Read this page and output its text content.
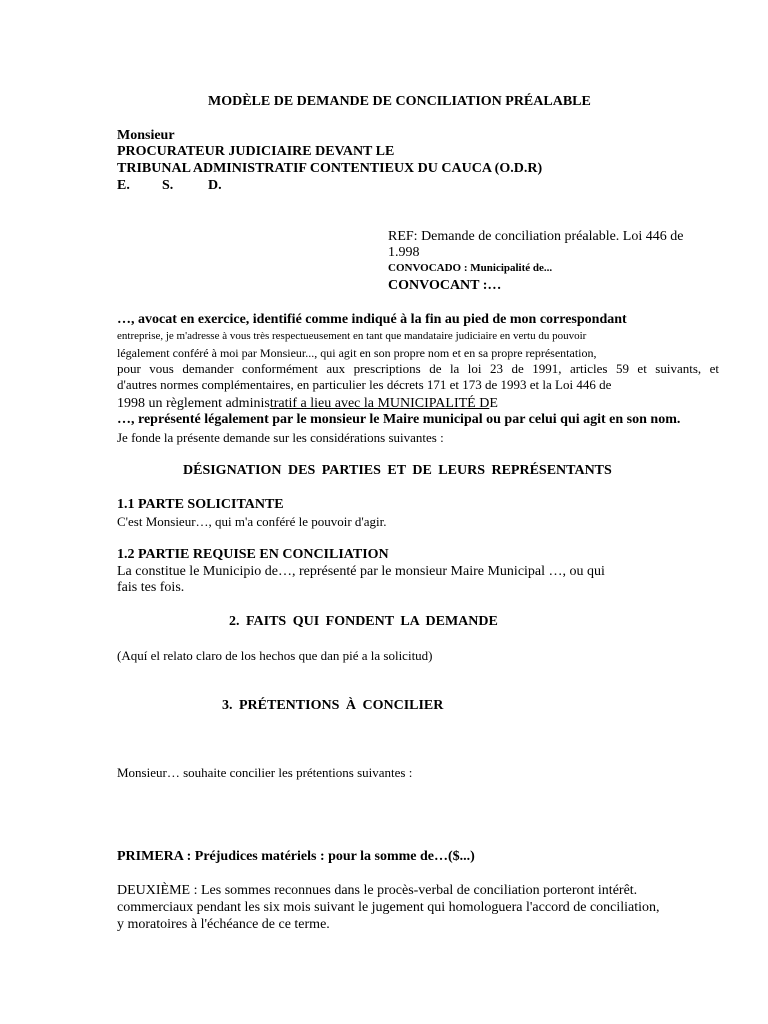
MODÈLE DE DEMANDE DE CONCILIATION PRÉALABLE
Monsieur
PROCURATEUR JUDICIAIRE DEVANT LE
TRIBUNAL ADMINISTRATIF CONTENTIEUX DU CAUCA (O.D.R)
E. S. D.
REF: Demande de conciliation préalable. Loi 446 de
1.998
CONVOCADO : Municipalité de...
CONVOCANT :…
…, avocat en exercice, identifié comme indiqué à la fin au pied de mon correspondant
entreprise, je m'adresse à vous très respectueusement en tant que mandataire judiciaire en vertu du pouvoir
légalement conféré à moi par Monsieur..., qui agit en son propre nom et en sa propre représentation,
pour vous demander conformément aux prescriptions de la loi 23 de 1991, articles 59 et suivants, et
d'autres normes complémentaires, en particulier les décrets 171 et 173 de 1993 et la Loi 446 de
1998 un règlement administratif a lieu avec la MUNICIPALITÉ DE
…, représenté légalement par le monsieur le Maire municipal ou par celui qui agit en son nom.
Je fonde la présente demande sur les considérations suivantes :
DÉSIGNATION DES PARTIES ET DE LEURS REPRÉSENTANTS
1.1 PARTE SOLICITANTE
C'est Monsieur…, qui m'a conféré le pouvoir d'agir.
1.2 PARTIE REQUISE EN CONCILIATION
La constitue le Municipio de…, représenté par le monsieur Maire Municipal …, ou qui
fais tes fois.
2. FAITS QUI FONDENT LA DEMANDE
(Aquí el relato claro de los hechos que dan pié a la solicitud)
3. PRÉTENTIONS À CONCILIER
Monsieur… souhaite concilier les prétentions suivantes :
PRIMERA : Préjudices matériels : pour la somme de…($...)
DEUXIÈME : Les sommes reconnues dans le procès-verbal de conciliation porteront intérêt.
commerciaux pendant les six mois suivant le jugement qui homologuera l'accord de conciliation,
y moratoires à l'échéance de ce terme.
